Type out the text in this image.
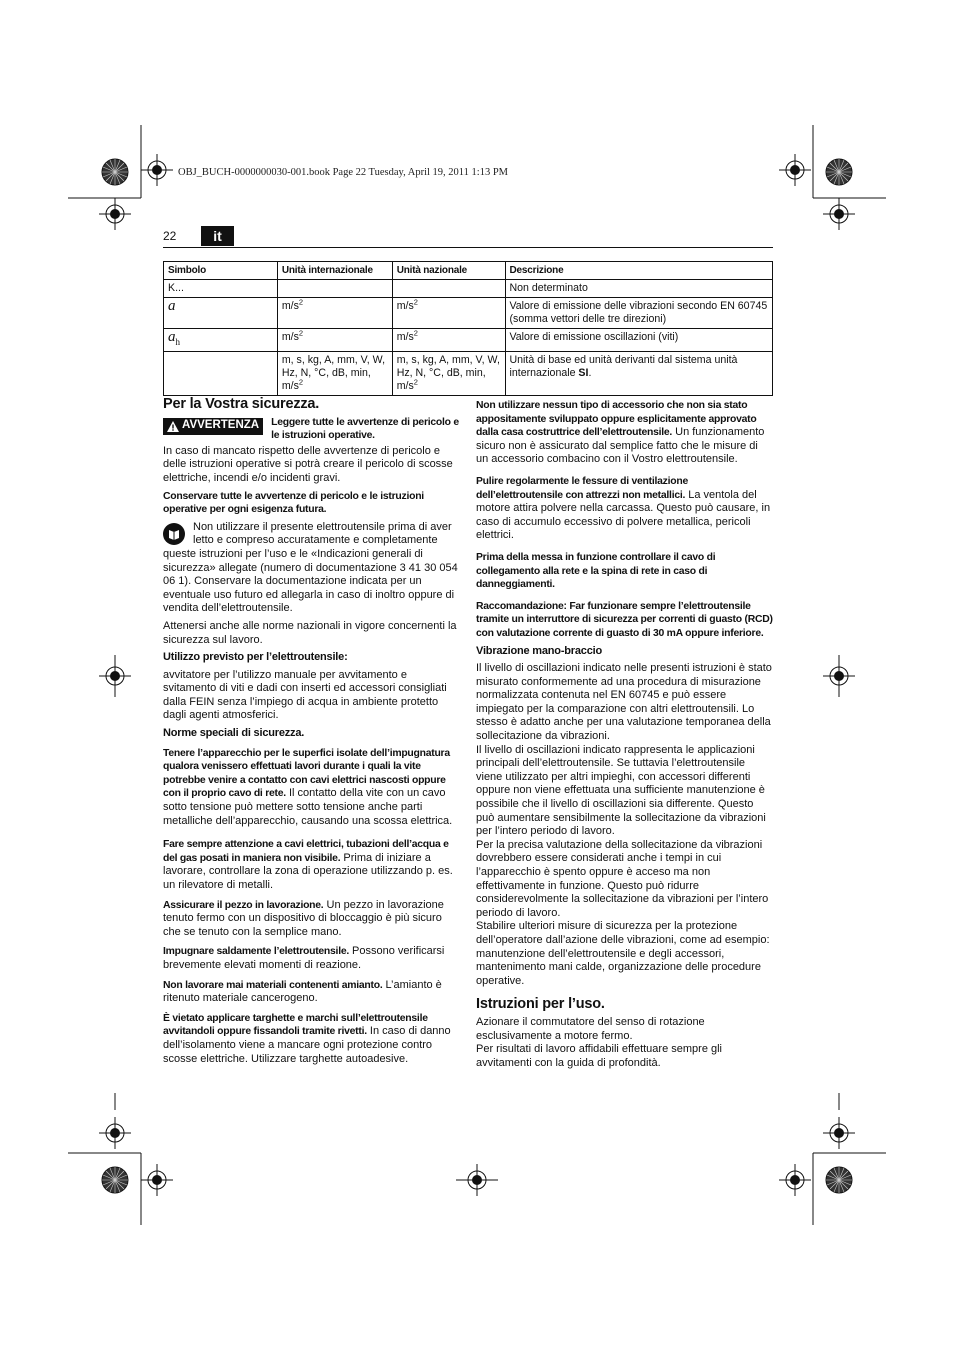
OBJ_BUCH-0000000030-001.book Page 22 Tuesday, April 19, 2011 1:13 PM
22	it
Simbolo	Unità internazionale	Unità nazionale	Descrizione
K...			Non determinato
a	$m/s^2$	$m/s^2$	Valore di emissione delle vibrazioni secondo EN 60745 (somma vettori delle tre direzioni)
$a_h$	$m/s^2$	$m/s^2$	Valore di emissione oscillazioni (viti)
	m, s, kg, A, mm, V, W, Hz, N, °C, dB, min, $m/s^2$	m, s, kg, A, mm, V, W, Hz, N, °C, dB, min, $m/s^2$	Unità di base ed unità derivanti dal sistema unità internazionale SI.

Per la Vostra sicurezza.

AVVERTENZA Leggere tutte le avvertenze di pericolo e le istruzioni operative.

In caso di mancato rispetto delle avvertenze di pericolo e delle istruzioni operative si potrà creare il pericolo di scosse elettriche, incendi e/o incidenti gravi.

Conservare tutte le avvertenze di pericolo e le istruzioni operative per ogni esigenza futura.

Non utilizzare il presente elettroutensile prima di aver letto e compreso accuratamente e completamente queste istruzioni per l’uso e le «Indicazioni generali di sicurezza» allegate (numero di documentazione 3 41 30 054 06 1). Conservare la documentazione indicata per un eventuale uso futuro ed allegarla in caso di inoltro oppure di vendita dell’elettroutensile.

Attenersi anche alle norme nazionali in vigore concernenti la sicurezza sul lavoro.

Utilizzo previsto per l’elettroutensile:

avvitatore per l’utilizzo manuale per avvitamento e svitamento di viti e dadi con inserti ed accessori consigliati dalla FEIN senza l’impiego di acqua in ambiente protetto dagli agenti atmosferici.

Norme speciali di sicurezza.

Tenere l’apparecchio per le superfici isolate dell’impugnatura qualora venissero effettuati lavori durante i quali la vite potrebbe venire a contatto con cavi elettrici nascosti oppure con il proprio cavo di rete. Il contatto della vite con un cavo sotto tensione può mettere sotto tensione anche parti metalliche dell’apparecchio, causando una scossa elettrica.

Fare sempre attenzione a cavi elettrici, tubazioni dell’acqua e del gas posati in maniera non visibile. Prima di iniziare a lavorare, controllare la zona di operazione utilizzando p. es. un rilevatore di metalli.

Assicurare il pezzo in lavorazione. Un pezzo in lavorazione tenuto fermo con un dispositivo di bloccaggio è più sicuro che se tenuto con la semplice mano.

Impugnare saldamente l’elettroutensile. Possono verificarsi brevemente elevati momenti di reazione.

Non lavorare mai materiali contenenti amianto. L’amianto è ritenuto materiale cancerogeno.

È vietato applicare targhette e marchi sull’elettroutensile avvitandoli oppure fissandoli tramite rivetti. In caso di danno dell’isolamento viene a mancare ogni protezione contro scosse elettriche. Utilizzare targhette autoadesive.

Non utilizzare nessun tipo di accessorio che non sia stato appositamente sviluppato oppure esplicitamente approvato dalla casa costruttrice dell’elettroutensile. Un funzionamento sicuro non è assicurato dal semplice fatto che le misure di un accessorio combacino con il Vostro elettroutensile.

Pulire regolarmente le fessure di ventilazione dell’elettroutensile con attrezzi non metallici. La ventola del motore attira polvere nella carcassa. Questo può causare, in caso di accumulo eccessivo di polvere metallica, pericoli elettrici.

Prima della messa in funzione controllare il cavo di collegamento alla rete e la spina di rete in caso di danneggiamenti.

Raccomandazione: Far funzionare sempre l’elettroutensile tramite un interruttore di sicurezza per correnti di guasto (RCD) con valutazione corrente di guasto di 30 mA oppure inferiore.

Vibrazione mano-braccio

Il livello di oscillazioni indicato nelle presenti istruzioni è stato misurato conformemente ad una procedura di misurazione normalizzata contenuta nel EN 60745 e può essere impiegato per la comparazione con altri elettroutensili. Lo stesso è adatto anche per una valutazione temporanea della sollecitazione da vibrazioni.

Il livello di oscillazioni indicato rappresenta le applicazioni principali dell’elettroutensile. Se tuttavia l’elettroutensile viene utilizzato per altri impieghi, con accessori differenti oppure non viene effettuata una sufficiente manutenzione è possibile che il livello di oscillazioni sia differente. Questo può aumentare sensibilmente la sollecitazione da vibrazioni per l’intero periodo di lavoro.

Per la precisa valutazione della sollecitazione da vibrazioni dovrebbero essere considerati anche i tempi in cui l’apparecchio è spento oppure è acceso ma non effettivamente in funzione. Questo può ridurre considerevolmente la sollecitazione da vibrazioni per l’intero periodo di lavoro.

Stabilire ulteriori misure di sicurezza per la protezione dell’operatore dall’azione delle vibrazioni, come ad esempio: manutenzione dell’elettroutensile e degli accessori, mantenimento mani calde, organizzazione delle procedure operative.

Istruzioni per l’uso.

Azionare il commutatore del senso di rotazione esclusivamente a motore fermo.

Per risultati di lavoro affidabili effettuare sempre gli avvitamenti con la guida di profondità.
